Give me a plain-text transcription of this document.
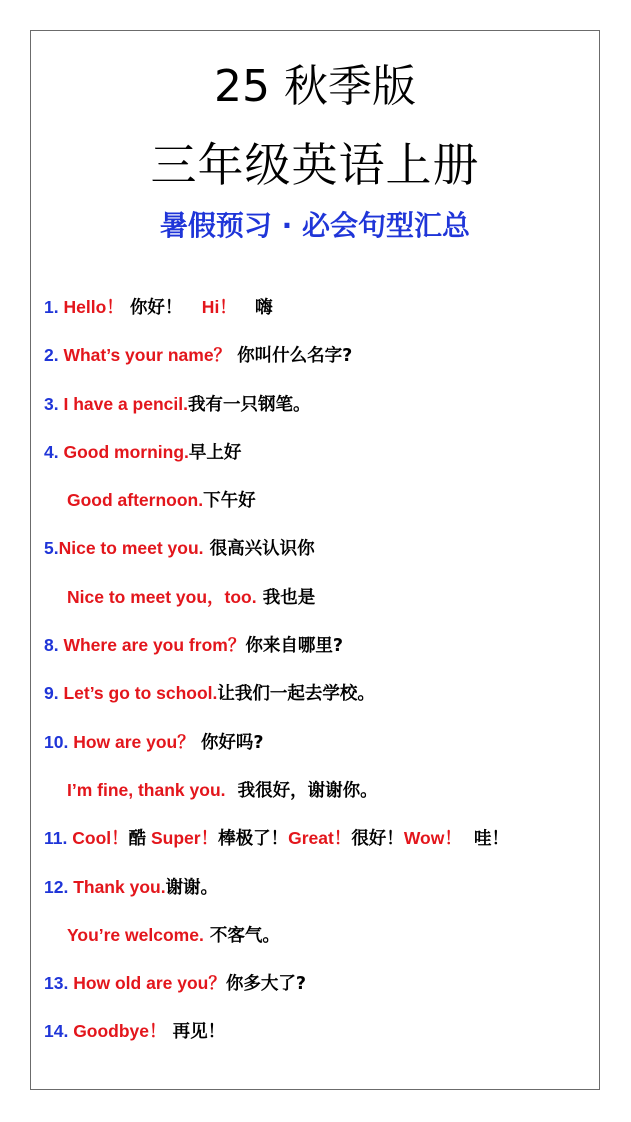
25 秋季版
三年级英语上册
暑假预习 · 必会句型汇总
1. Hello！ 你好！    Hi！   嗨
2. What’s your name？ 你叫什么名字?
3. I have a pencil.我有一只钢笔。
4. Good morning.早上好
Good afternoon.下午好
5.Nice to meet you. 很高兴认识你
Nice to meet you，too. 我也是
8. Where are you from？你来自哪里?
9. Let’s go to school.让我们一起去学校。
10. How are you？ 你好吗?
I’m fine, thank you.  我很好，谢谢你。
11. Cool！酷 Super！棒极了！Great！很好！Wow！  哇！
12. Thank you.谢谢。
You’re welcome. 不客气。
13. How old are you？你多大了?
14. Goodbye！ 再见！
